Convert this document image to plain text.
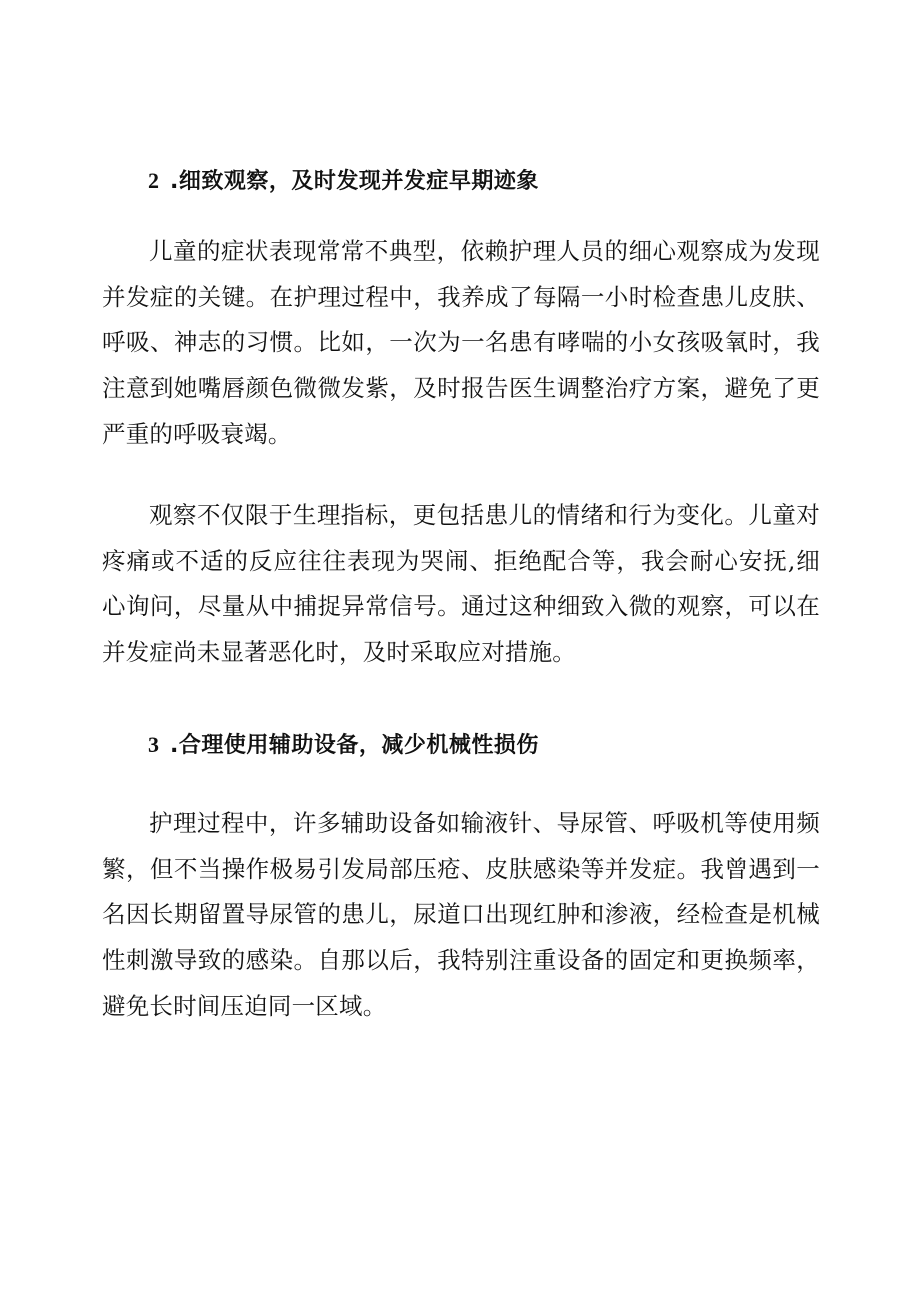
2 .细致观察，及时发现并发症早期迹象

儿童的症状表现常常不典型，依赖护理人员的细心观察成为发现并发症的关键。在护理过程中，我养成了每隔一小时检查患儿皮肤、呼吸、神志的习惯。比如，一次为一名患有哮喘的小女孩吸氧时，我注意到她嘴唇颜色微微发紫，及时报告医生调整治疗方案，避免了更严重的呼吸衰竭。

观察不仅限于生理指标，更包括患儿的情绪和行为变化。儿童对疼痛或不适的反应往往表现为哭闹、拒绝配合等，我会耐心安抚,细心询问，尽量从中捕捉异常信号。通过这种细致入微的观察，可以在并发症尚未显著恶化时，及时采取应对措施。

3 .合理使用辅助设备，减少机械性损伤

护理过程中，许多辅助设备如输液针、导尿管、呼吸机等使用频繁，但不当操作极易引发局部压疮、皮肤感染等并发症。我曾遇到一名因长期留置导尿管的患儿，尿道口出现红肿和渗液，经检查是机械性刺激导致的感染。自那以后，我特别注重设备的固定和更换频率，避免长时间压迫同一区域。
